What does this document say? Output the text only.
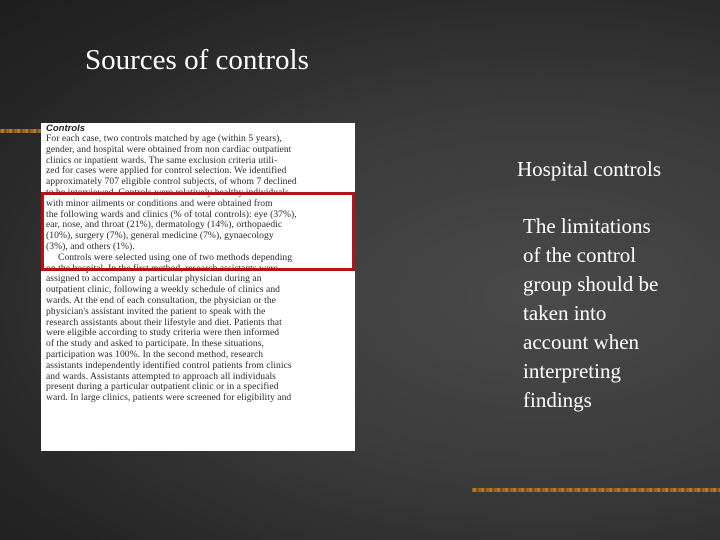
Sources of controls
Controls
For each case, two controls matched by age (within 5 years),
gender, and hospital were obtained from non cardiac outpatient
clinics or inpatient wards. The same exclusion criteria utili-
zed for cases were applied for control selection. We identified
approximately 707 eligible control subjects, of whom 7 declined
to be interviewed. Controls were relatively healthy individuals
with minor ailments or conditions and were obtained from
the following wards and clinics (% of total controls): eye (37%),
ear, nose, and throat (21%), dermatology (14%), orthopaedic
(10%), surgery (7%), general medicine (7%), gynaecology
(3%), and others (1%).
Controls were selected using one of two methods depending
on the hospital. In the first method, research assistants were
assigned to accompany a particular physician during an
outpatient clinic, following a weekly schedule of clinics and
wards. At the end of each consultation, the physician or the
physician's assistant invited the patient to speak with the
research assistants about their lifestyle and diet. Patients that
were eligible according to study criteria were then informed
of the study and asked to participate. In these situations,
participation was 100%. In the second method, research
assistants independently identified control patients from clinics
and wards. Assistants attempted to approach all individuals
present during a particular outpatient clinic or in a specified
ward. In large clinics, patients were screened for eligibility and
Hospital controls
The limitations
of the control
group should be
taken into
account when
interpreting
findings
